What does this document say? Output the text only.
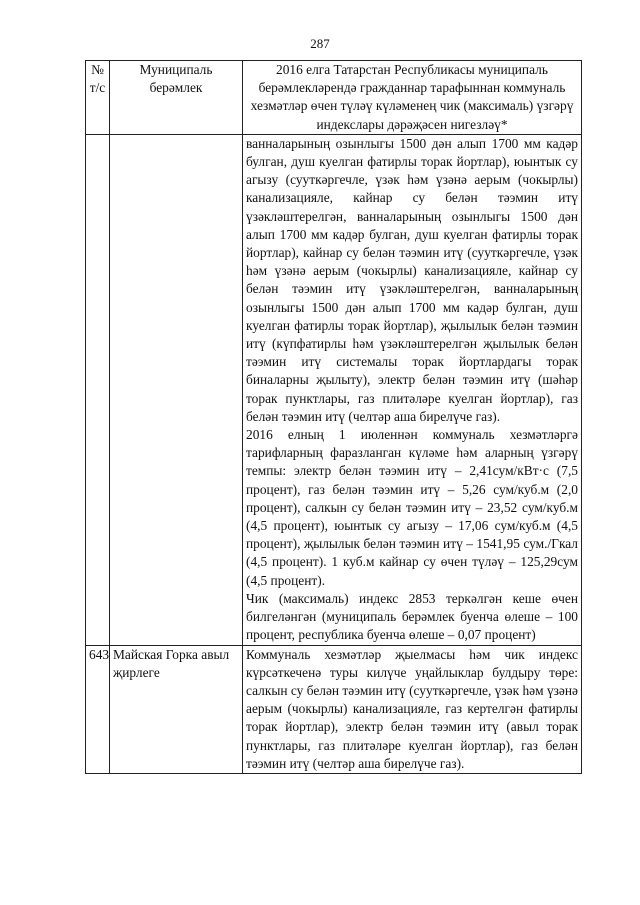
287
№ т/с	Муниципаль берәмлек	2016 елга Татарстан Республикасы муниципаль берәмлекләрендә гражданнар тарафыннан коммуналь хезмәтләр өчен түләү күләменең чик (максималь) үзгәрү индекслары дәрәҗәсен нигезләү*

		ванналарының озынлыгы 1500 дән алып 1700 мм кадәр булган, душ куелган фатирлы торак йортлар), юынтык су агызу (сууткәргечле, үзәк һәм үзәнә аерым (чокырлы) канализацияле, кайнар су белән тәэмин итү үзәкләштерелгән, ванналарының озынлыгы 1500 дән алып 1700 мм кадәр булган, душ куелган фатирлы торак йортлар), кайнар су белән тәэмин итү (сууткәргечле, үзәк һәм үзәнә аерым (чокырлы) канализацияле, кайнар су белән тәэмин итү үзәкләштерелгән, ванналарының озынлыгы 1500 дән алып 1700 мм кадәр булган, душ куелган фатирлы торак йортлар), җылылык белән тәэмин итү (күпфатирлы һәм үзәкләштерелгән җылылык белән тәэмин итү системалы торак йортлардагы торак биналарны җылыту), электр белән тәэмин итү (шәһәр торак пунктлары, газ плитәләре куелган йортлар), газ белән тәэмин итү (челтәр аша бирелүче газ).
2016 елның 1 июленнән коммуналь хезмәтләргә тарифларның фаразланган күләме һәм аларның үзгәрү темпы: электр белән тәэмин итү – 2,41сум/кВт·с (7,5 процент), газ белән тәэмин итү – 5,26 сум/куб.м (2,0 процент), салкын су белән тәэмин итү – 23,52 сум/куб.м (4,5 процент), юынтык су агызу – 17,06 сум/куб.м (4,5 процент), җылылык белән тәэмин итү – 1541,95 сум./Гкал (4,5 процент). 1 куб.м кайнар су өчен түләү – 125,29сум (4,5 процент).
Чик (максималь) индекс 2853 теркәлгән кеше өчен билгеләнгән (муниципаль берәмлек буенча өлеше – 100 процент, республика буенча өлеше – 0,07 процент)

643	Майская Горка авыл җирлеге	Коммуналь хезмәтләр җыелмасы һәм чик индекс күрсәткеченә туры килүче уңайлыклар булдыру төре: салкын су белән тәэмин итү (сууткәргечле, үзәк һәм үзәнә аерым (чокырлы) канализацияле, газ кертелгән фатирлы торак йортлар), электр белән тәэмин итү (авыл торак пунктлары, газ плитәләре куелган йортлар), газ белән тәэмин итү (челтәр аша бирелүче газ).
